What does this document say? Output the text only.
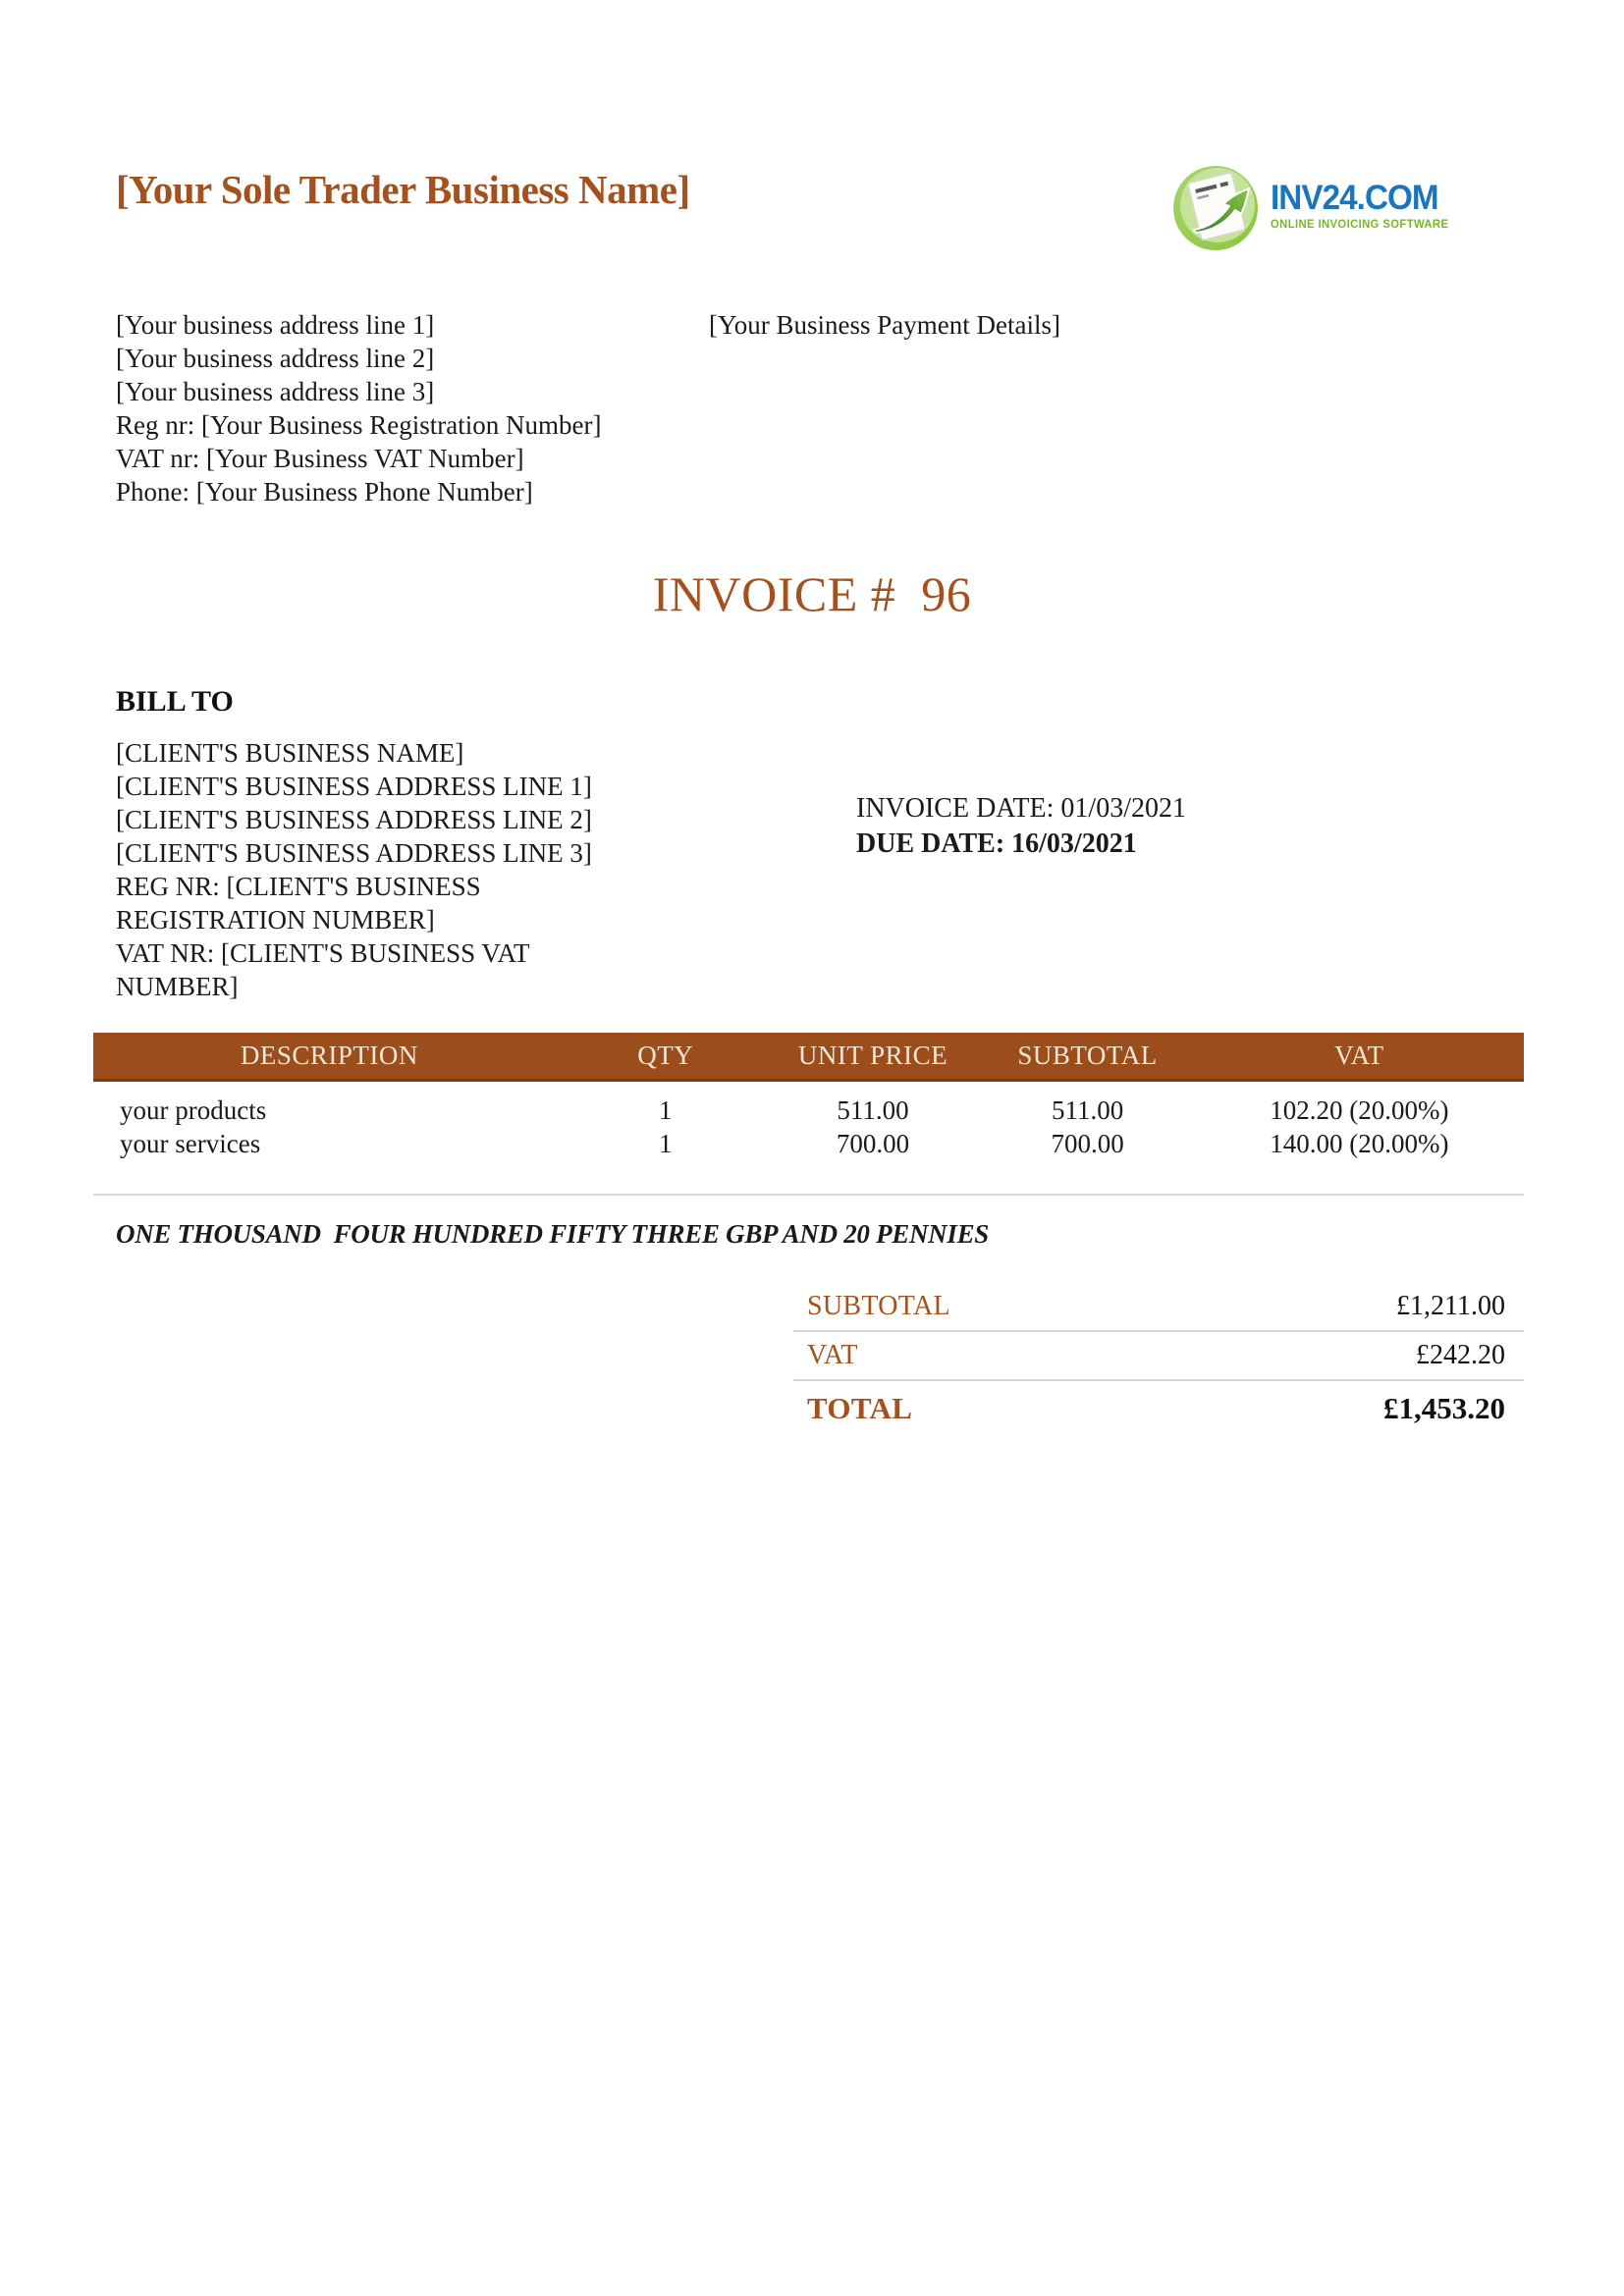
[Your Sole Trader Business Name]	INV24.COM
ONLINE INVOICING SOFTWARE
[Your business address line 1]
[Your business address line 2]
[Your business address line 3]
Reg nr: [Your Business Registration Number]
VAT nr: [Your Business VAT Number]
Phone: [Your Business Phone Number]
[Your Business Payment Details]
INVOICE #  96
BILL TO
[CLIENT'S BUSINESS NAME]
[CLIENT'S BUSINESS ADDRESS LINE 1]
[CLIENT'S BUSINESS ADDRESS LINE 2]
[CLIENT'S BUSINESS ADDRESS LINE 3]
REG NR: [CLIENT'S BUSINESS REGISTRATION NUMBER]
VAT NR: [CLIENT'S BUSINESS VAT NUMBER]
INVOICE DATE: 01/03/2021
DUE DATE: 16/03/2021
DESCRIPTION	QTY	UNIT PRICE	SUBTOTAL	VAT
your products	1	511.00	511.00	102.20 (20.00%)
your services	1	700.00	700.00	140.00 (20.00%)
ONE THOUSAND  FOUR HUNDRED FIFTY THREE GBP AND 20 PENNIES
SUBTOTAL	£1,211.00
VAT	£242.20
TOTAL	£1,453.20
